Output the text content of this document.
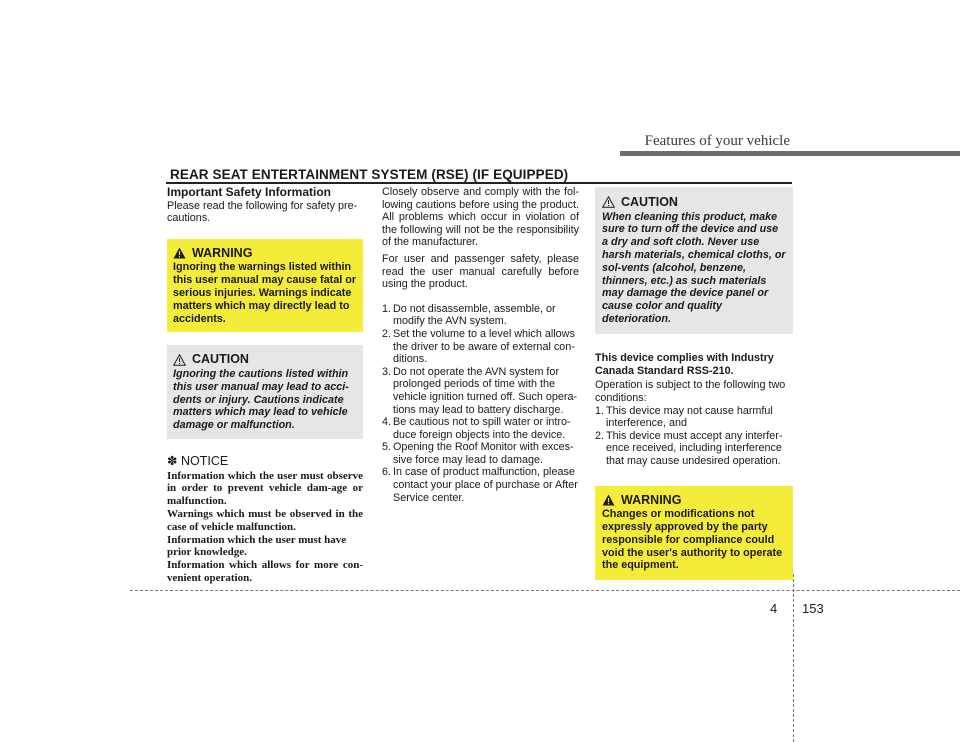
Features of your vehicle
REAR SEAT ENTERTAINMENT SYSTEM (RSE) (IF EQUIPPED)
Important Safety Information

Please read the following for safety pre-cautions.

WARNING

Ignoring the warnings listed within this user manual may cause fatal or serious injuries. Warnings indicate matters which may directly lead to accidents.

CAUTION

Ignoring the cautions listed within this user manual may lead to acci-dents or injury. Cautions indicate matters which may lead to vehicle damage or malfunction.

✽ NOTICE

Information which the user must observe in order to prevent vehicle dam-age or malfunction.

Warnings which must be observed in the case of vehicle malfunction.

Information which the user must have prior knowledge.

Information which allows for more con-venient operation.

Closely observe and comply with the fol-lowing cautions before using the product. All problems which occur in violation of the following will not be the responsibility of the manufacturer.

For user and passenger safety, please read the user manual carefully before using the product.

1. Do not disassemble, assemble, or modify the AVN system.
2. Set the volume to a level which allows the driver to be aware of external con-ditions.
3. Do not operate the AVN system for prolonged periods of time with the vehicle ignition turned off. Such opera-tions may lead to battery discharge.
4. Be cautious not to spill water or intro-duce foreign objects into the device.
5. Opening the Roof Monitor with exces-sive force may lead to damage.
6. In case of product malfunction, please contact your place of purchase or After Service center.
CAUTION

When cleaning this product, make sure to turn off the device and use a dry and soft cloth. Never use harsh materials, chemical cloths, or sol-vents (alcohol, benzene, thinners, etc.) as such materials may damage the device panel or cause color and quality deterioration.

This device complies with Industry Canada Standard RSS-210.

Operation is subject to the following two conditions:

1. This device may not cause harmful interference, and
2. This device must accept any interfer-ence received, including interference that may cause undesired operation.
WARNING

Changes or modifications not expressly approved by the party responsible for compliance could void the user's authority to operate the equipment.

4 153
